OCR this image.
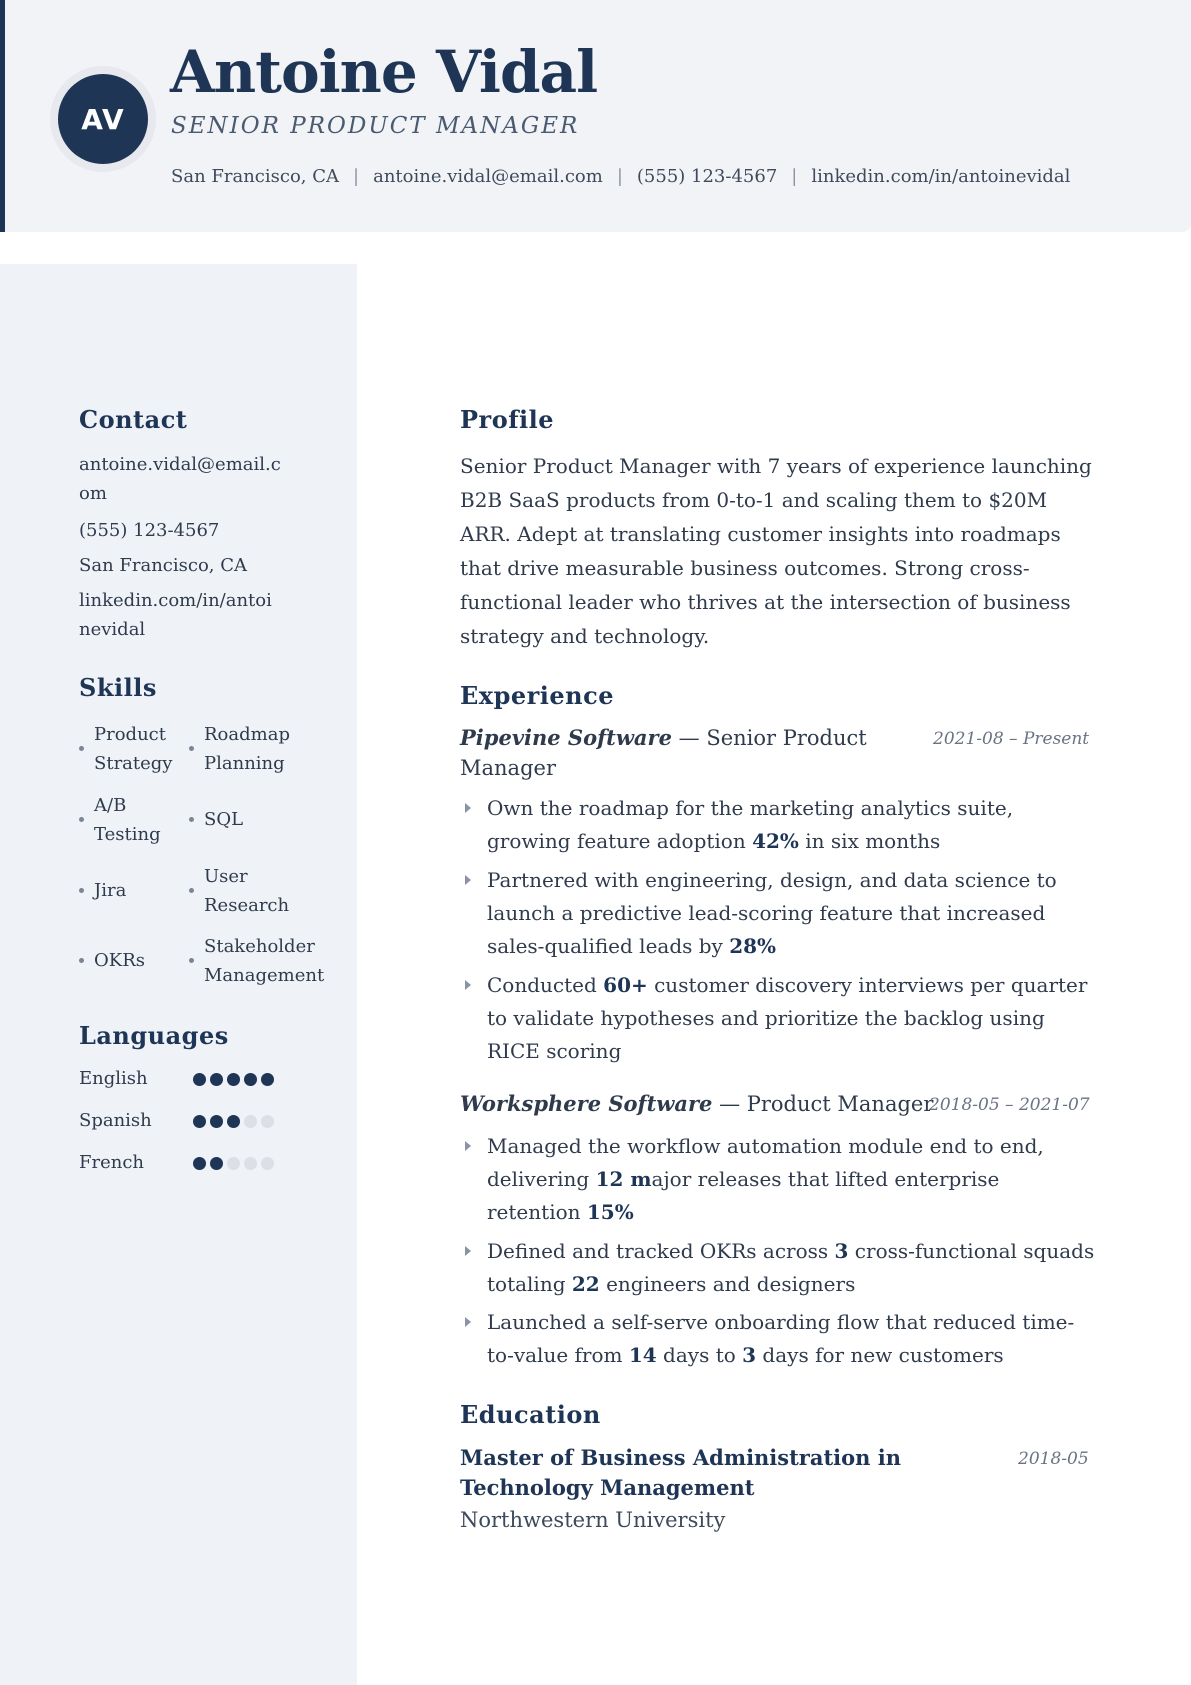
AV
Antoine Vidal
SENIOR PRODUCT MANAGER
San Francisco, CA | antoine.vidal@email.com | (555) 123-4567 | linkedin.com/in/antoinevidal
Contact
antoine.vidal@email.c
om
(555) 123-4567
San Francisco, CA
linkedin.com/in/antoi
nevidal
Skills
Product
Strategy
Roadmap
Planning
A/B
Testing
SQL
Jira
User
Research
OKRs
Stakeholder
Management
Languages
English
Spanish
French
Profile
Senior Product Manager with 7 years of experience launching B2B SaaS products from 0-to-1 and scaling them to $20M ARR. Adept at translating customer insights into roadmaps that drive measurable business outcomes. Strong cross-functional leader who thrives at the intersection of business strategy and technology.
Experience
Pipevine Software — Senior Product Manager
2021-08 – Present
Own the roadmap for the marketing analytics suite, growing feature adoption 42% in six months
Partnered with engineering, design, and data science to launch a predictive lead-scoring feature that increased sales-qualified leads by 28%
Conducted 60+ customer discovery interviews per quarter to validate hypotheses and prioritize the backlog using RICE scoring
Worksphere Software — Product Manager
2018-05 – 2021-07
Managed the workflow automation module end to end, delivering 12 major releases that lifted enterprise retention 15%
Defined and tracked OKRs across 3 cross-functional squads totaling 22 engineers and designers
Launched a self-serve onboarding flow that reduced time-to-value from 14 days to 3 days for new customers
Education
Master of Business Administration in Technology Management
2018-05
Northwestern University
